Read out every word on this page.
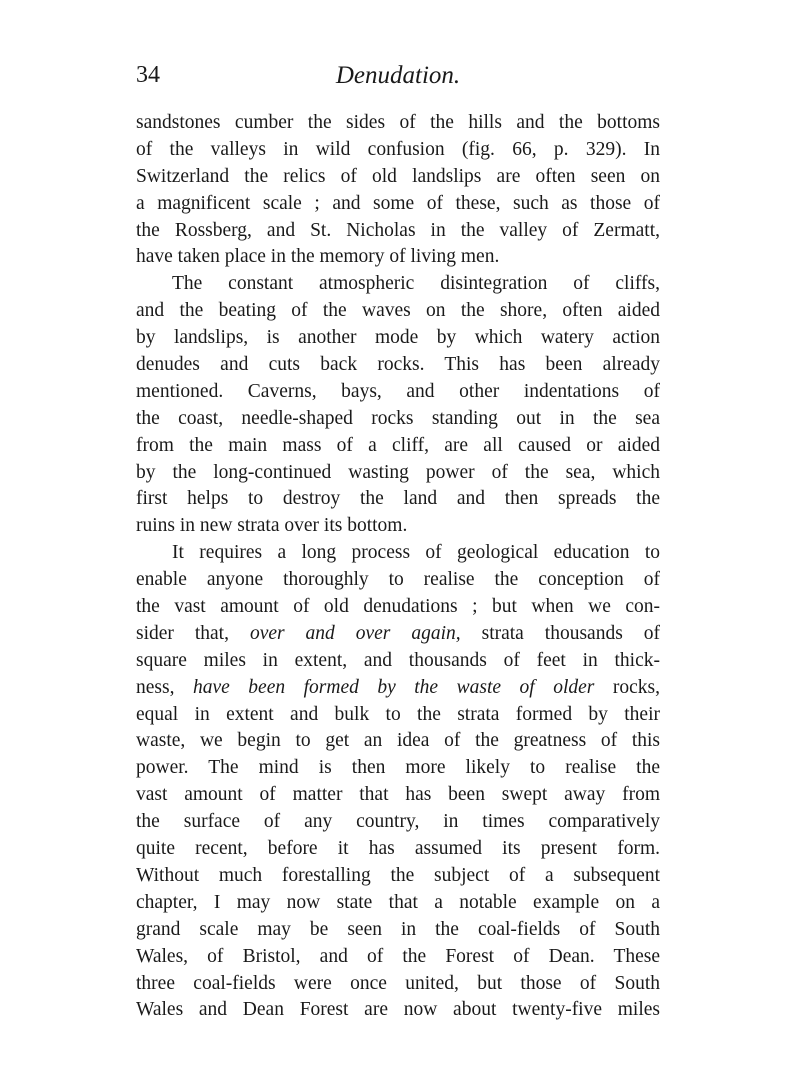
34	Denudation.
sandstones cumber the sides of the hills and the bottoms
of the valleys in wild confusion (fig. 66, p. 329). In
Switzerland the relics of old landslips are often seen on
a magnificent scale ; and some of these, such as those of
the Rossberg, and St. Nicholas in the valley of Zermatt,
have taken place in the memory of living men.
The constant atmospheric disintegration of cliffs,
and the beating of the waves on the shore, often aided
by landslips, is another mode by which watery action
denudes and cuts back rocks. This has been already
mentioned. Caverns, bays, and other indentations of
the coast, needle-shaped rocks standing out in the sea
from the main mass of a cliff, are all caused or aided
by the long-continued wasting power of the sea, which
first helps to destroy the land and then spreads the
ruins in new strata over its bottom.
It requires a long process of geological education to
enable anyone thoroughly to realise the conception of
the vast amount of old denudations ; but when we con-
sider that, over and over again, strata thousands of
square miles in extent, and thousands of feet in thick-
ness, have been formed by the waste of older rocks,
equal in extent and bulk to the strata formed by their
waste, we begin to get an idea of the greatness of this
power. The mind is then more likely to realise the
vast amount of matter that has been swept away from
the surface of any country, in times comparatively
quite recent, before it has assumed its present form.
Without much forestalling the subject of a subsequent
chapter, I may now state that a notable example on a
grand scale may be seen in the coal-fields of South
Wales, of Bristol, and of the Forest of Dean. These
three coal-fields were once united, but those of South
Wales and Dean Forest are now about twenty-five miles
